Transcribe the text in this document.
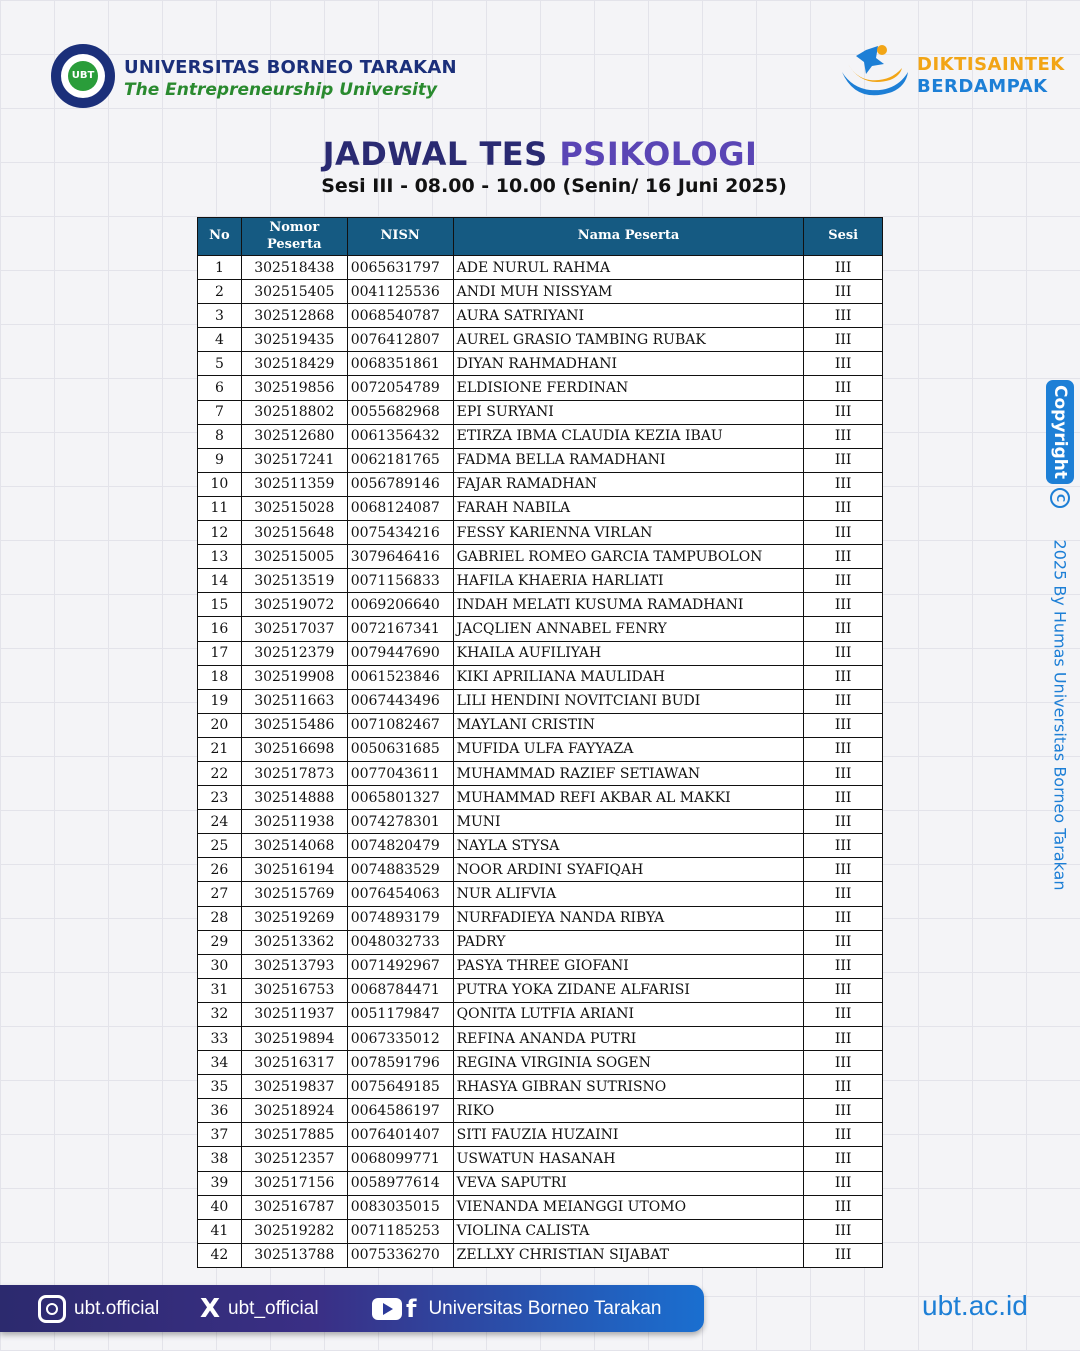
UBT UNIVERSITAS BORNEO TARAKAN
The Entrepreneurship University
DIKTISAINTEK
BERDAMPAK
JADWAL TES PSIKOLOGI
Sesi III - 08.00 - 10.00 (Senin/ 16 Juni 2025)
No	Nomor Peserta	NISN	Nama Peserta	Sesi
1	302518438	0065631797	ADE NURUL RAHMA	III
2	302515405	0041125536	ANDI MUH NISSYAM	III
3	302512868	0068540787	AURA SATRIYANI	III
4	302519435	0076412807	AUREL GRASIO TAMBING RUBAK	III
5	302518429	0068351861	DIYAN RAHMADHANI	III
6	302519856	0072054789	ELDISIONE FERDINAN	III
7	302518802	0055682968	EPI SURYANI	III
8	302512680	0061356432	ETIRZA IBMA CLAUDIA KEZIA IBAU	III
9	302517241	0062181765	FADMA BELLA RAMADHANI	III
10	302511359	0056789146	FAJAR RAMADHAN	III
11	302515028	0068124087	FARAH NABILA	III
12	302515648	0075434216	FESSY KARIENNA VIRLAN	III
13	302515005	3079646416	GABRIEL ROMEO GARCIA TAMPUBOLON	III
14	302513519	0071156833	HAFILA KHAERIA HARLIATI	III
15	302519072	0069206640	INDAH MELATI KUSUMA RAMADHANI	III
16	302517037	0072167341	JACQLIEN ANNABEL FENRY	III
17	302512379	0079447690	KHAILA AUFILIYAH	III
18	302519908	0061523846	KIKI APRILIANA MAULIDAH	III
19	302511663	0067443496	LILI HENDINI NOVITCIANI BUDI	III
20	302515486	0071082467	MAYLANI CRISTIN	III
21	302516698	0050631685	MUFIDA ULFA FAYYAZA	III
22	302517873	0077043611	MUHAMMAD RAZIEF SETIAWAN	III
23	302514888	0065801327	MUHAMMAD REFI AKBAR AL MAKKI	III
24	302511938	0074278301	MUNI	III
25	302514068	0074820479	NAYLA STYSA	III
26	302516194	0074883529	NOOR ARDINI SYAFIQAH	III
27	302515769	0076454063	NUR ALIFVIA	III
28	302519269	0074893179	NURFADIEYA NANDA RIBYA	III
29	302513362	0048032733	PADRY	III
30	302513793	0071492967	PASYA THREE GIOFANI	III
31	302516753	0068784471	PUTRA YOKA ZIDANE ALFARISI	III
32	302511937	0051179847	QONITA LUTFIA ARIANI	III
33	302519894	0067335012	REFINA ANANDA PUTRI	III
34	302516317	0078591796	REGINA VIRGINIA SOGEN	III
35	302519837	0075649185	RHASYA GIBRAN SUTRISNO	III
36	302518924	0064586197	RIKO	III
37	302517885	0076401407	SITI FAUZIA HUZAINI	III
38	302512357	0068099771	USWATUN HASANAH	III
39	302517156	0058977614	VEVA SAPUTRI	III
40	302516787	0083035015	VIENANDA MEIANGGI UTOMO	III
41	302519282	0071185253	VIOLINA CALISTA	III
42	302513788	0075336270	ZELLXY CHRISTIAN SIJABAT	III
Copyright
C
2025 By Humas Universitas Borneo Tarakan
ubt.official X ubt_official	f Universitas Borneo Tarakan	ubt.ac.id
